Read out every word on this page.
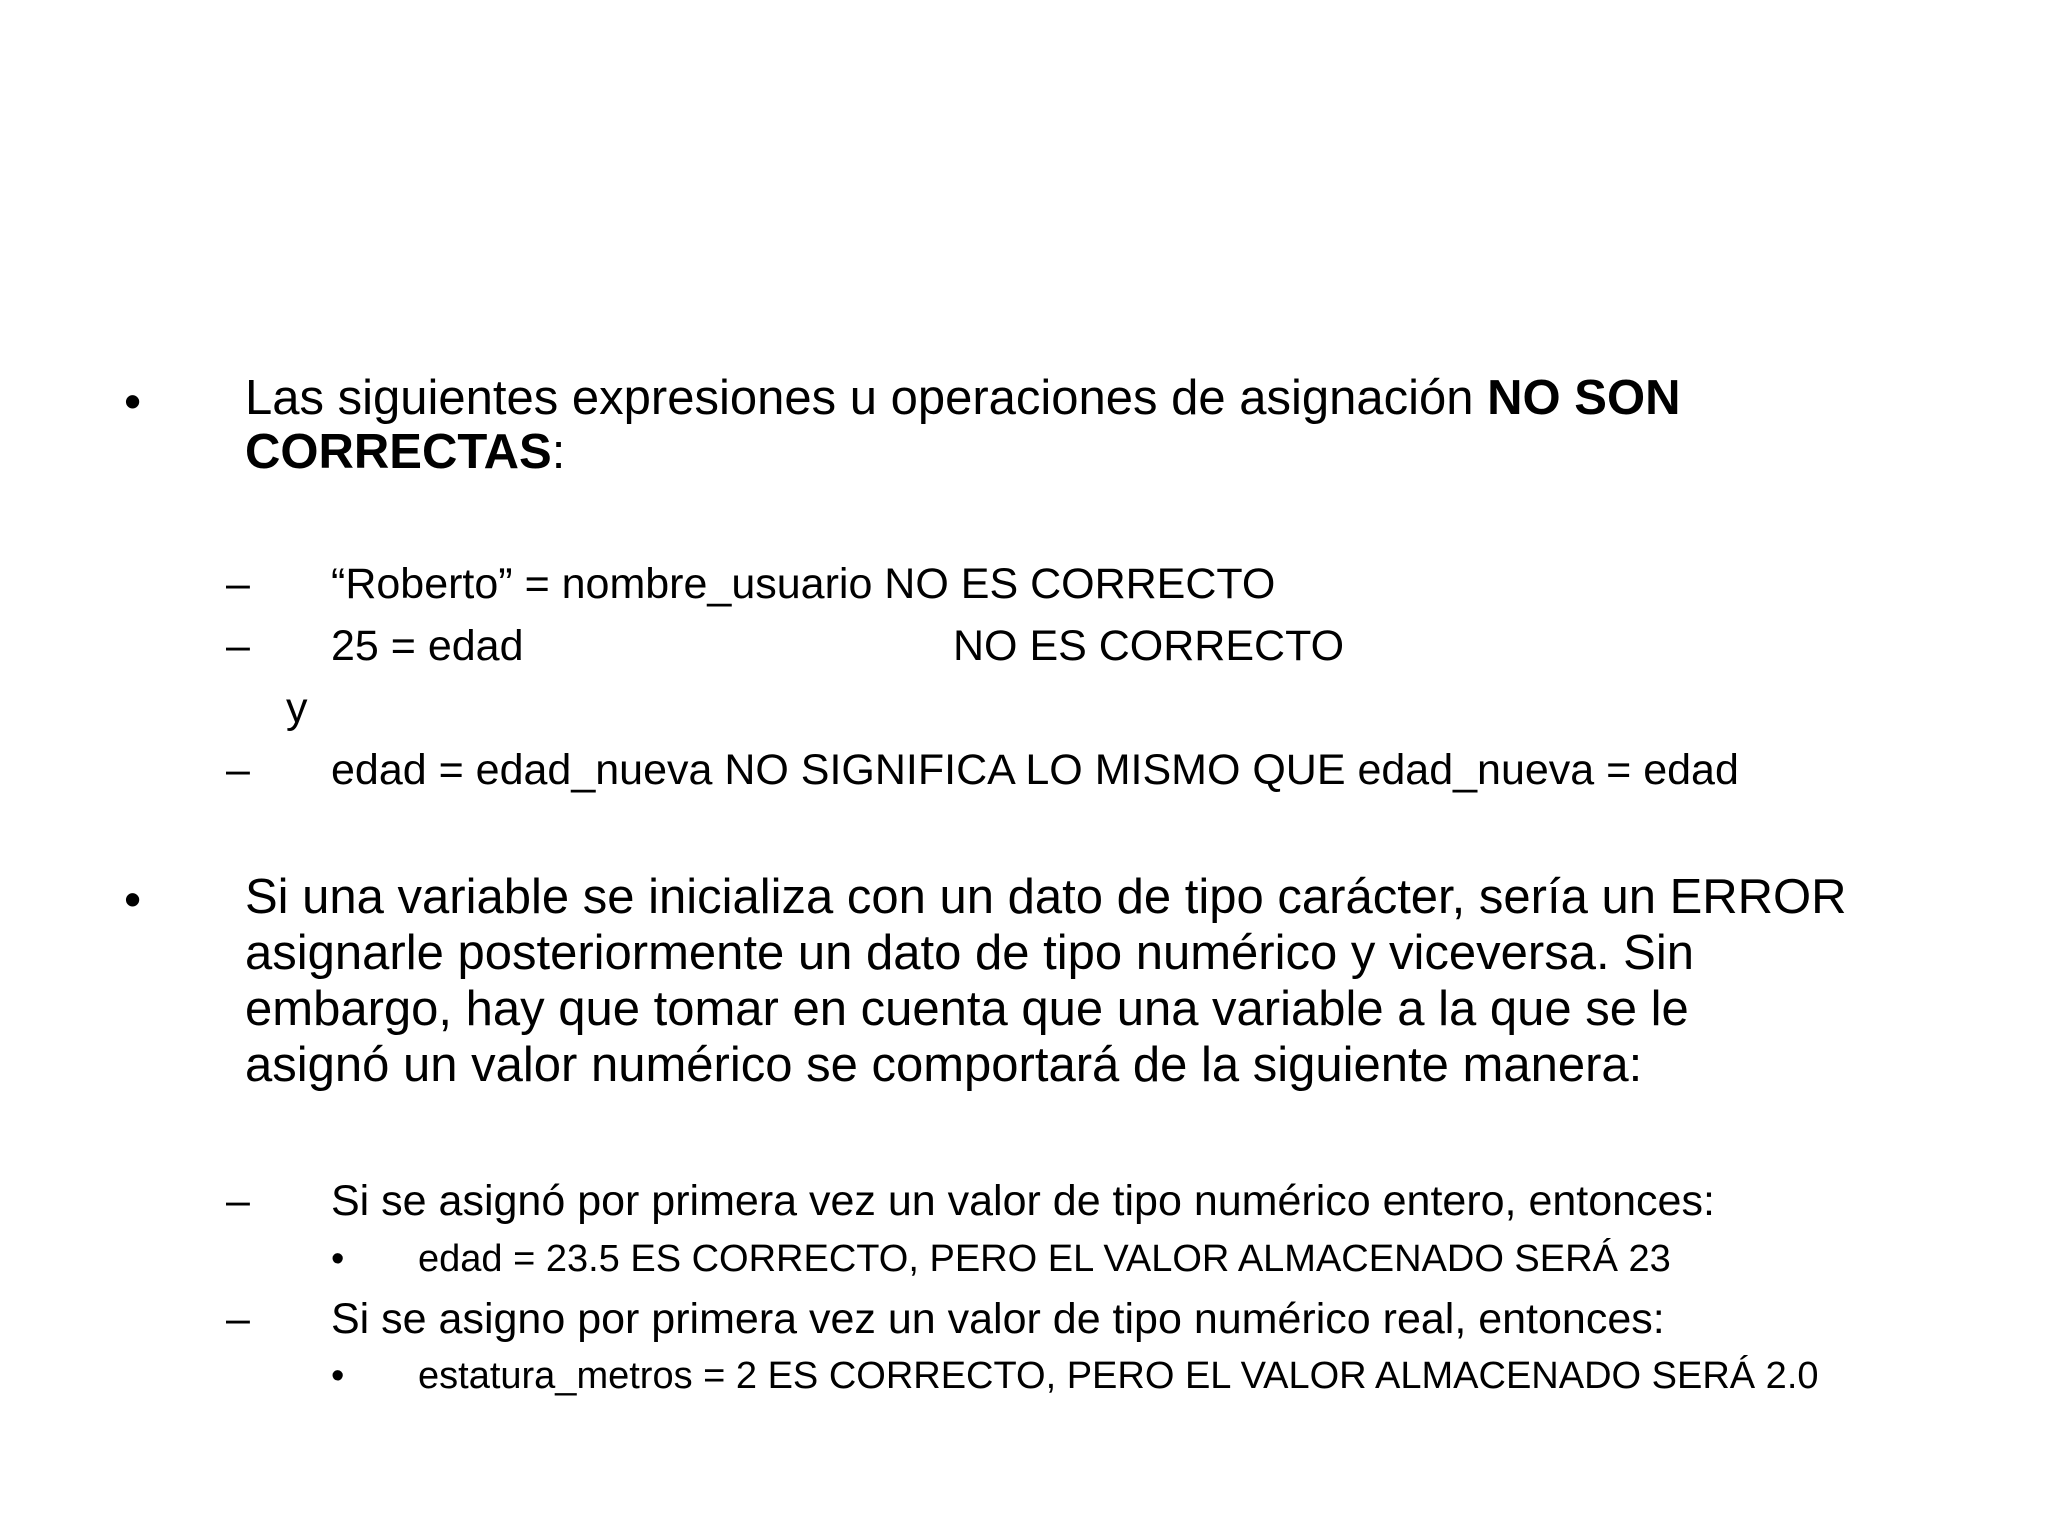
• Las siguientes expresiones u operaciones de asignación NO SON
CORRECTAS:
– “Roberto” = nombre_usuario NO ES CORRECTO
– 25 = edad	NO ES CORRECTO
y
– edad = edad_nueva NO SIGNIFICA LO MISMO QUE edad_nueva = edad
• Si una variable se inicializa con un dato de tipo carácter, sería un ERROR
asignarle posteriormente un dato de tipo numérico y viceversa. Sin
embargo, hay que tomar en cuenta que una variable a la que se le
asignó un valor numérico se comportará de la siguiente manera:
– Si se asignó por primera vez un valor de tipo numérico entero, entonces:
• edad = 23.5 ES CORRECTO, PERO EL VALOR ALMACENADO SERÁ 23
– Si se asigno por primera vez un valor de tipo numérico real, entonces:
• estatura_metros = 2 ES CORRECTO, PERO EL VALOR ALMACENADO SERÁ 2.0
